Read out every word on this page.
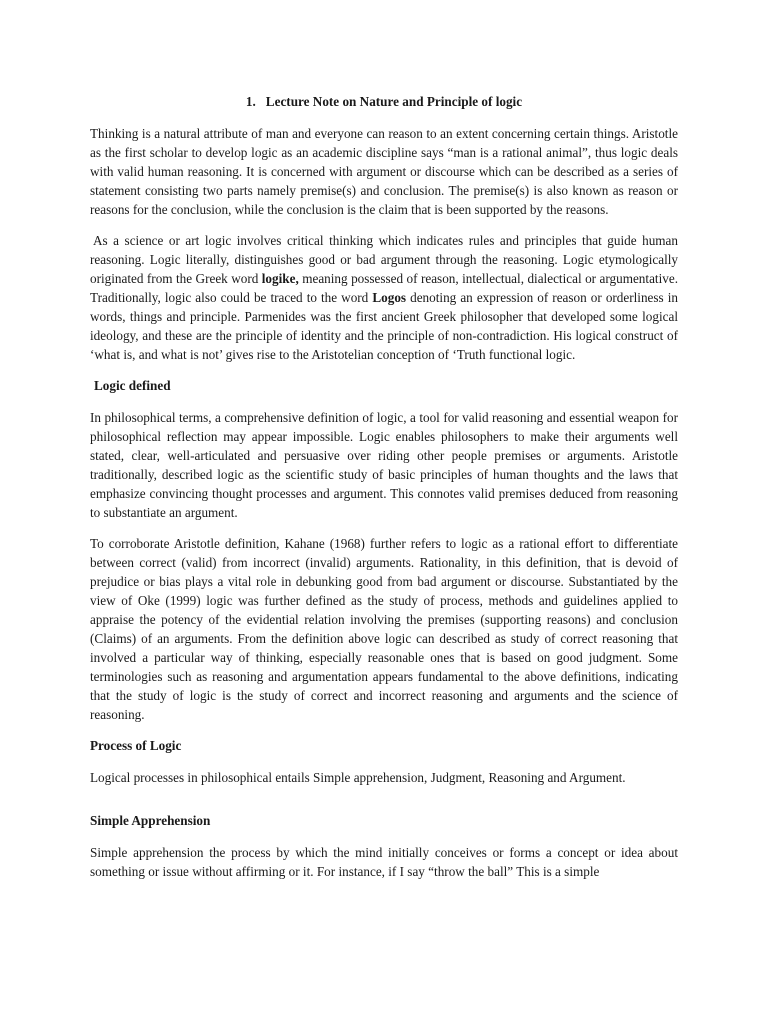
1. Lecture Note on Nature and Principle of logic

Thinking is a natural attribute of man and everyone can reason to an extent concerning certain things. Aristotle as the first scholar to develop logic as an academic discipline says “man is a rational animal”, thus logic deals with valid human reasoning. It is concerned with argument or discourse which can be described as a series of statement consisting two parts namely premise(s) and conclusion. The premise(s) is also known as reason or reasons for the conclusion, while the conclusion is the claim that is been supported by the reasons.

As a science or art logic involves critical thinking which indicates rules and principles that guide human reasoning. Logic literally, distinguishes good or bad argument through the reasoning. Logic etymologically originated from the Greek word logike, meaning possessed of reason, intellectual, dialectical or argumentative. Traditionally, logic also could be traced to the word Logos denoting an expression of reason or orderliness in words, things and principle. Parmenides was the first ancient Greek philosopher that developed some logical ideology, and these are the principle of identity and the principle of non-contradiction. His logical construct of ‘what is, and what is not’ gives rise to the Aristotelian conception of ‘Truth functional logic.

Logic defined

In philosophical terms, a comprehensive definition of logic, a tool for valid reasoning and essential weapon for philosophical reflection may appear impossible. Logic enables philosophers to make their arguments well stated, clear, well-articulated and persuasive over riding other people premises or arguments. Aristotle traditionally, described logic as the scientific study of basic principles of human thoughts and the laws that emphasize convincing thought processes and argument. This connotes valid premises deduced from reasoning to substantiate an argument.

To corroborate Aristotle definition, Kahane (1968) further refers to logic as a rational effort to differentiate between correct (valid) from incorrect (invalid) arguments. Rationality, in this definition, that is devoid of prejudice or bias plays a vital role in debunking good from bad argument or discourse. Substantiated by the view of Oke (1999) logic was further defined as the study of process, methods and guidelines applied to appraise the potency of the evidential relation involving the premises (supporting reasons) and conclusion (Claims) of an arguments. From the definition above logic can described as study of correct reasoning that involved a particular way of thinking, especially reasonable ones that is based on good judgment. Some terminologies such as reasoning and argumentation appears fundamental to the above definitions, indicating that the study of logic is the study of correct and incorrect reasoning and arguments and the science of reasoning.

Process of Logic

Logical processes in philosophical entails Simple apprehension, Judgment, Reasoning and Argument.

Simple Apprehension

Simple apprehension the process by which the mind initially conceives or forms a concept or idea about something or issue without affirming or it. For instance, if I say “throw the ball” This is a simple
